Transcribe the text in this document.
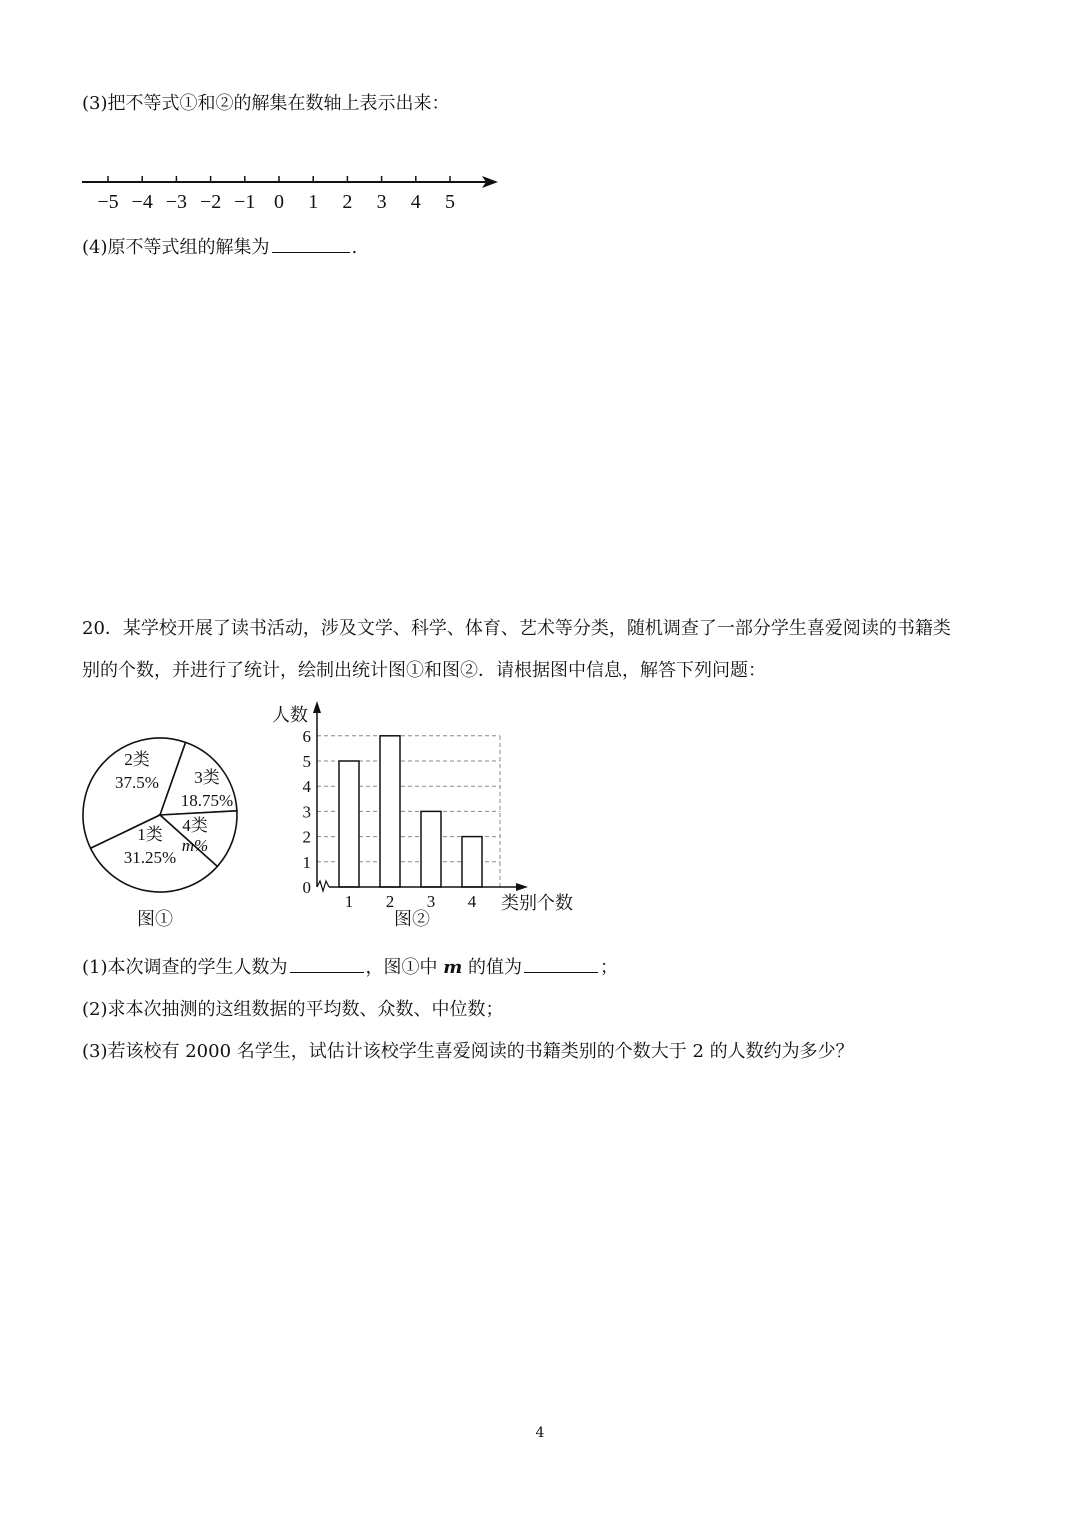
(3)把不等式①和②的解集在数轴上表示出来：
−5 −4 −3 −2 −1 0 1 2 3 4 5
(4)原不等式组的解集为	.
20．某学校开展了读书活动，涉及文学、科学、体育、艺术等分类，随机调查了一部分学生喜爱阅读的书籍类
别的个数，并进行了统计，绘制出统计图①和图②．请根据图中信息，解答下列问题：
2类
37.5% 3类
18.75%
4类
m%
1类
31.25%
图①
1 2 3 4
0
1
2
3
4
5
6
人数
类别个数
图②
(1)本次调查的学生人数为	，图①中 m 的值为	；
(2)求本次抽测的这组数据的平均数、众数、中位数；
(3)若该校有 2000 名学生，试估计该校学生喜爱阅读的书籍类别的个数大于 2 的人数约为多少？
4
